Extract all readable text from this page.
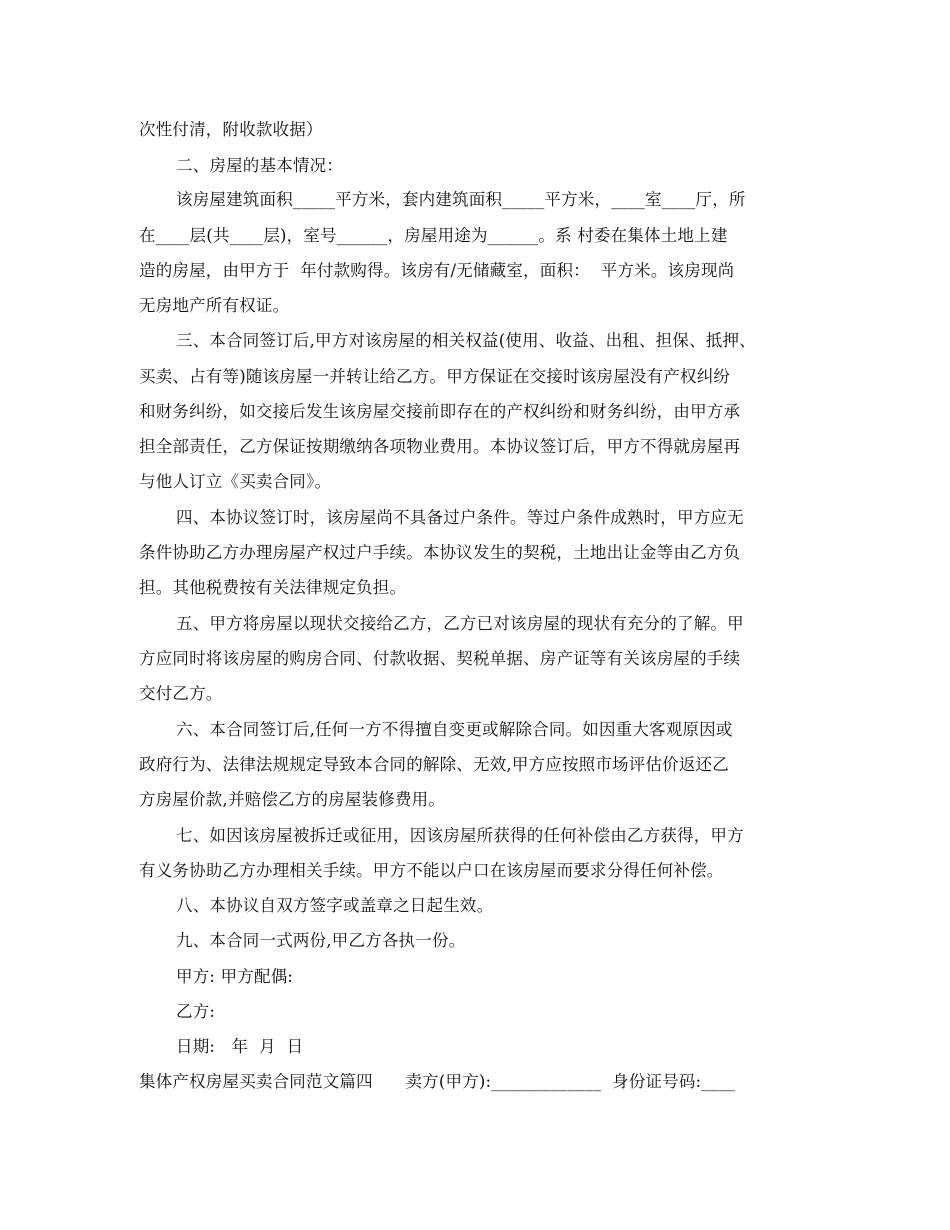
次性付清，附收款收据）
二、房屋的基本情况：
该房屋建筑面积_____平方米，套内建筑面积_____平方米，____室____厅，所
在____层(共____层)，室号______，房屋用途为______。系 村委在集体土地上建
造的房屋，由甲方于  年付款购得。该房有/无储藏室，面积：  平方米。该房现尚
无房地产所有权证。
三、本合同签订后,甲方对该房屋的相关权益(使用、收益、出租、担保、抵押、
买卖、占有等)随该房屋一并转让给乙方。甲方保证在交接时该房屋没有产权纠纷
和财务纠纷，如交接后发生该房屋交接前即存在的产权纠纷和财务纠纷，由甲方承
担全部责任，乙方保证按期缴纳各项物业费用。本协议签订后，甲方不得就房屋再
与他人订立《买卖合同》。
四、本协议签订时，该房屋尚不具备过户条件。等过户条件成熟时，甲方应无
条件协助乙方办理房屋产权过户手续。本协议发生的契税，土地出让金等由乙方负
担。其他税费按有关法律规定负担。
五、甲方将房屋以现状交接给乙方，乙方已对该房屋的现状有充分的了解。甲
方应同时将该房屋的购房合同、付款收据、契税单据、房产证等有关该房屋的手续
交付乙方。
六、本合同签订后,任何一方不得擅自变更或解除合同。如因重大客观原因或
政府行为、法律法规规定导致本合同的解除、无效,甲方应按照市场评估价返还乙
方房屋价款,并赔偿乙方的房屋装修费用。
七、如因该房屋被拆迁或征用，因该房屋所获得的任何补偿由乙方获得，甲方
有义务协助乙方办理相关手续。甲方不能以户口在该房屋而要求分得任何补偿。
八、本协议自双方签字或盖章之日起生效。
九、本合同一式两份,甲乙方各执一份。
甲方: 甲方配偶:
乙方:
日期:   年  月  日
集体产权房屋买卖合同范文篇四      卖方(甲方):_____________  身份证号码:____
